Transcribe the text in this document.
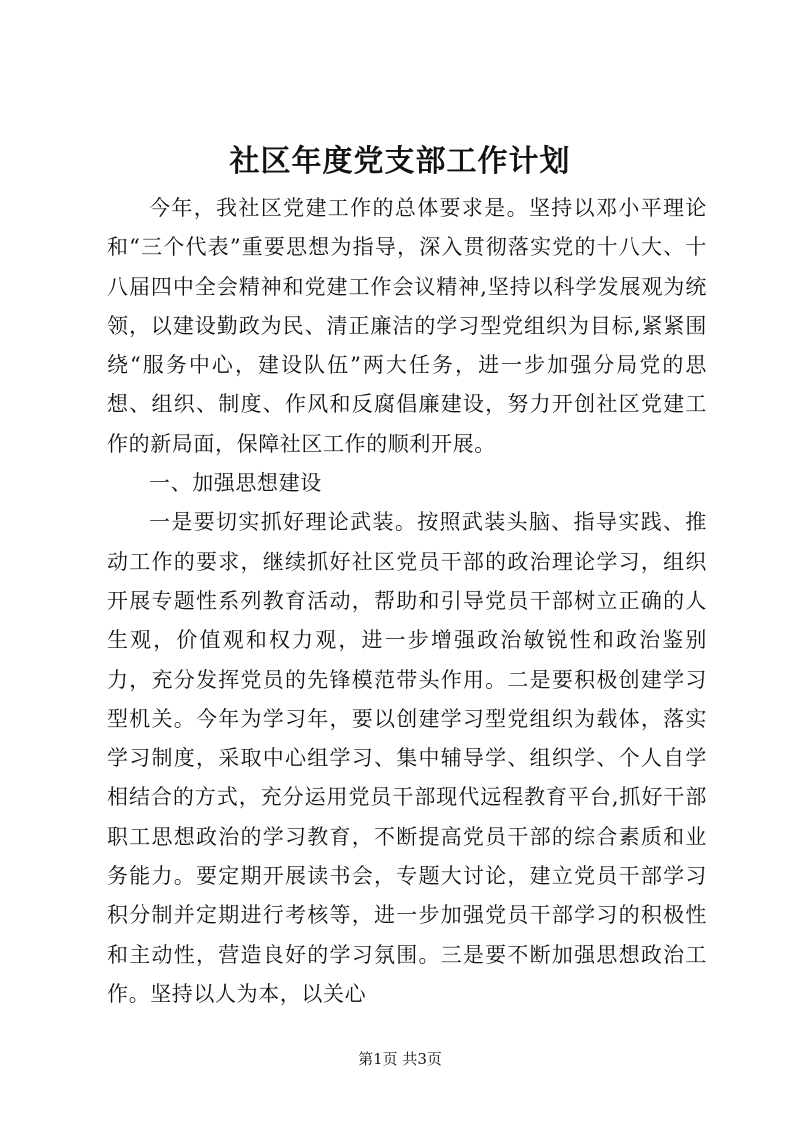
社区年度党支部工作计划

今年，我社区党建工作的总体要求是。坚持以邓小平理论和“三个代表”重要思想为指导，深入贯彻落实党的十八大、十八届四中全会精神和党建工作会议精神,坚持以科学发展观为统领，以建设勤政为民、清正廉洁的学习型党组织为目标,紧紧围绕“服务中心，建设队伍”两大任务，进一步加强分局党的思想、组织、制度、作风和反腐倡廉建设，努力开创社区党建工作的新局面，保障社区工作的顺利开展。

一、加强思想建设

一是要切实抓好理论武装。按照武装头脑、指导实践、推动工作的要求，继续抓好社区党员干部的政治理论学习，组织开展专题性系列教育活动，帮助和引导党员干部树立正确的人生观，价值观和权力观，进一步增强政治敏锐性和政治鉴别力，充分发挥党员的先锋模范带头作用。二是要积极创建学习型机关。今年为学习年，要以创建学习型党组织为载体，落实学习制度，采取中心组学习、集中辅导学、组织学、个人自学相结合的方式，充分运用党员干部现代远程教育平台,抓好干部职工思想政治的学习教育，不断提高党员干部的综合素质和业务能力。要定期开展读书会，专题大讨论，建立党员干部学习积分制并定期进行考核等，进一步加强党员干部学习的积极性和主动性，营造良好的学习氛围。三是要不断加强思想政治工作。坚持以人为本，以关心

第1页 共3页
